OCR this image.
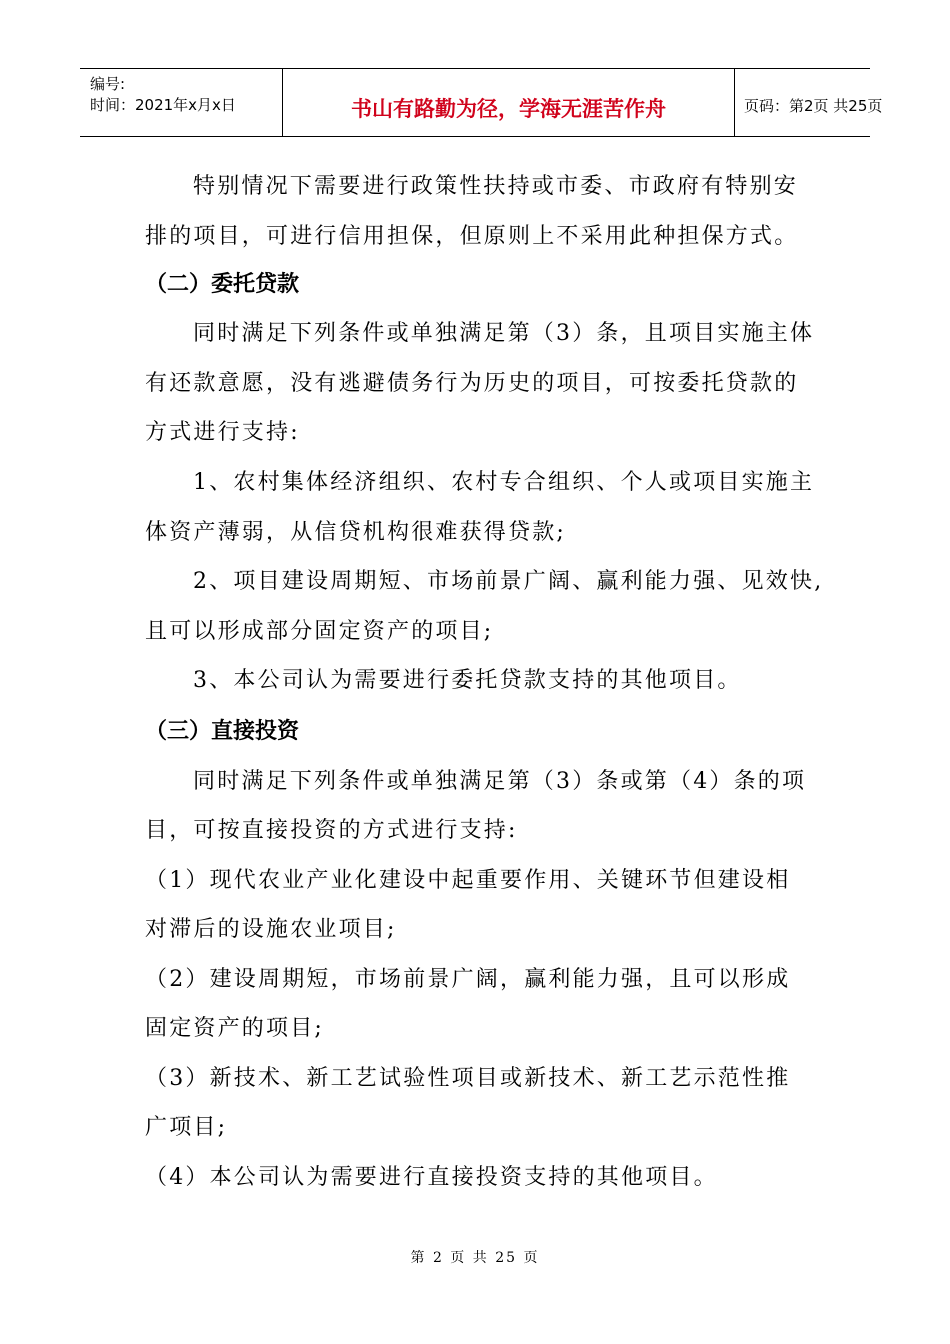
编号:
时间：2021年x月x日	书山有路勤为径，学海无涯苦作舟	页码：第2页 共25页
特别情况下需要进行政策性扶持或市委、市政府有特别安
排的项目，可进行信用担保，但原则上不采用此种担保方式。
（二）委托贷款
同时满足下列条件或单独满足第（3）条，且项目实施主体
有还款意愿，没有逃避债务行为历史的项目，可按委托贷款的
方式进行支持:
1、农村集体经济组织、农村专合组织、个人或项目实施主
体资产薄弱，从信贷机构很难获得贷款;
2、项目建设周期短、市场前景广阔、赢利能力强、见效快,
且可以形成部分固定资产的项目;
3、本公司认为需要进行委托贷款支持的其他项目。
（三）直接投资
同时满足下列条件或单独满足第（3）条或第（4）条的项
目，可按直接投资的方式进行支持:
（1）现代农业产业化建设中起重要作用、关键环节但建设相
对滞后的设施农业项目;
（2）建设周期短，市场前景广阔，赢利能力强，且可以形成
固定资产的项目;
（3）新技术、新工艺试验性项目或新技术、新工艺示范性推
广项目;
（4）本公司认为需要进行直接投资支持的其他项目。
第 2 页 共 25 页
